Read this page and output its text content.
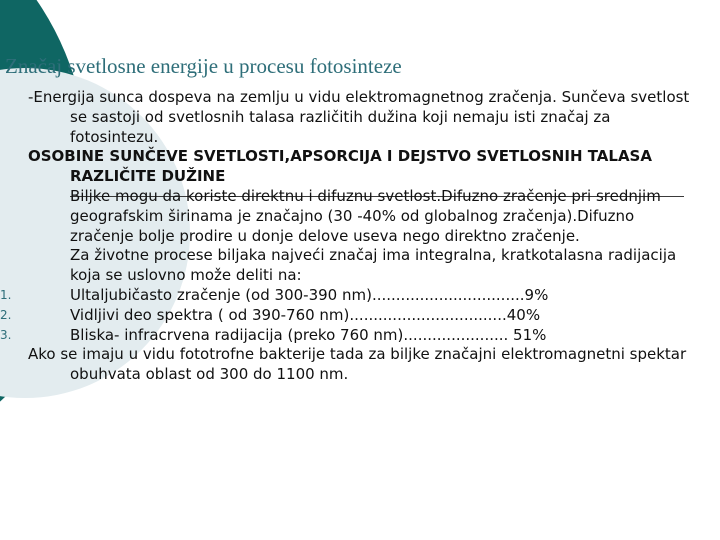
Značaj svetlosne energije u procesu fotosinteze

-Energija sunca dospeva na zemlju u vidu elektromagnetnog zračenja. Sunčeva svetlost se sastoji od svetlosnih talasa različitih dužina koji nemaju isti značaj za fotosintezu.

OSOBINE SUNČEVE SVETLOSTI,APSORCIJA I DEJSTVO SVETLOSNIH TALASA RAZLIČITE DUŽINE

Biljke mogu da koriste direktnu i difuznu svetlost.Difuzno zračenje pri srednjim geografskim širinama je značajno (30 -40% od globalnog zračenja).Difuzno zračenje bolje prodire u donje delove useva nego direktno zračenje.

Za životne procese biljaka najveći značaj ima integralna, kratkotalasna radijacija koja se uslovno može deliti na:

1.	Ultaljubičasto zračenje (od 300-390 nm)................................9%
2.	Vidljivi deo spektra ( od 390-760 nm).................................40%
3.	Bliska- infracrvena radijacija (preko 760 nm)...................... 51%

Ako se imaju u vidu fototrofne bakterije tada za biljke značajni elektromagnetni spektar obuhvata oblast od 300 do 1100 nm.
